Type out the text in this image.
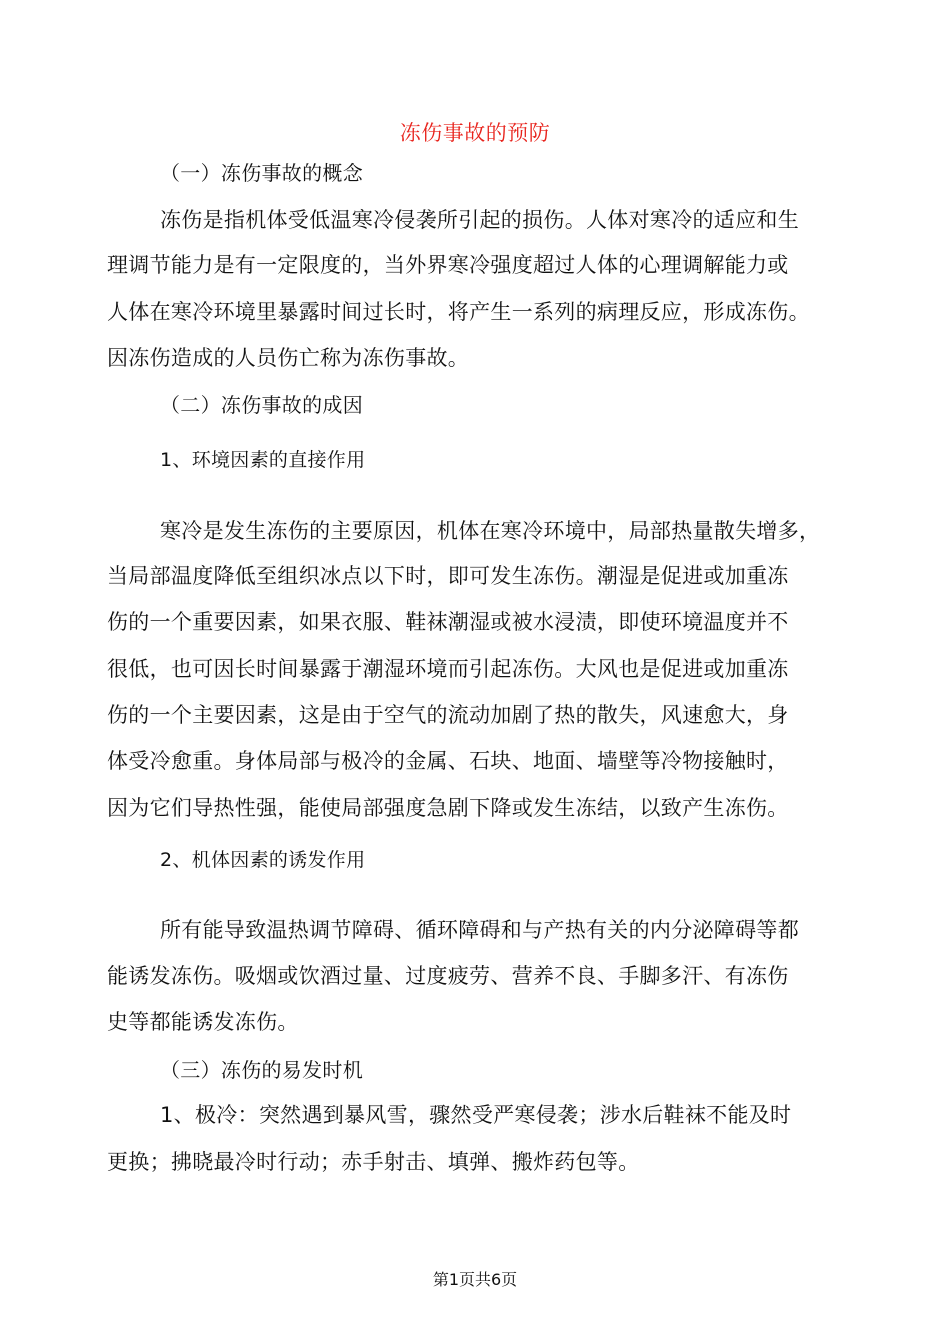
冻伤事故的预防
（一）冻伤事故的概念
冻伤是指机体受低温寒冷侵袭所引起的损伤。人体对寒冷的适应和生
理调节能力是有一定限度的，当外界寒冷强度超过人体的心理调解能力或
人体在寒冷环境里暴露时间过长时，将产生一系列的病理反应，形成冻伤。
因冻伤造成的人员伤亡称为冻伤事故。
（二）冻伤事故的成因
1、环境因素的直接作用
寒冷是发生冻伤的主要原因，机体在寒冷环境中，局部热量散失增多，
当局部温度降低至组织冰点以下时，即可发生冻伤。潮湿是促进或加重冻
伤的一个重要因素，如果衣服、鞋袜潮湿或被水浸渍，即使环境温度并不
很低，也可因长时间暴露于潮湿环境而引起冻伤。大风也是促进或加重冻
伤的一个主要因素，这是由于空气的流动加剧了热的散失，风速愈大，身
体受冷愈重。身体局部与极冷的金属、石块、地面、墙壁等冷物接触时，
因为它们导热性强，能使局部强度急剧下降或发生冻结，以致产生冻伤。
2、机体因素的诱发作用
所有能导致温热调节障碍、循环障碍和与产热有关的内分泌障碍等都
能诱发冻伤。吸烟或饮酒过量、过度疲劳、营养不良、手脚多汗、有冻伤
史等都能诱发冻伤。
（三）冻伤的易发时机
1、极冷：突然遇到暴风雪，骤然受严寒侵袭；涉水后鞋袜不能及时
更换；拂晓最冷时行动；赤手射击、填弹、搬炸药包等。
第1页共6页
